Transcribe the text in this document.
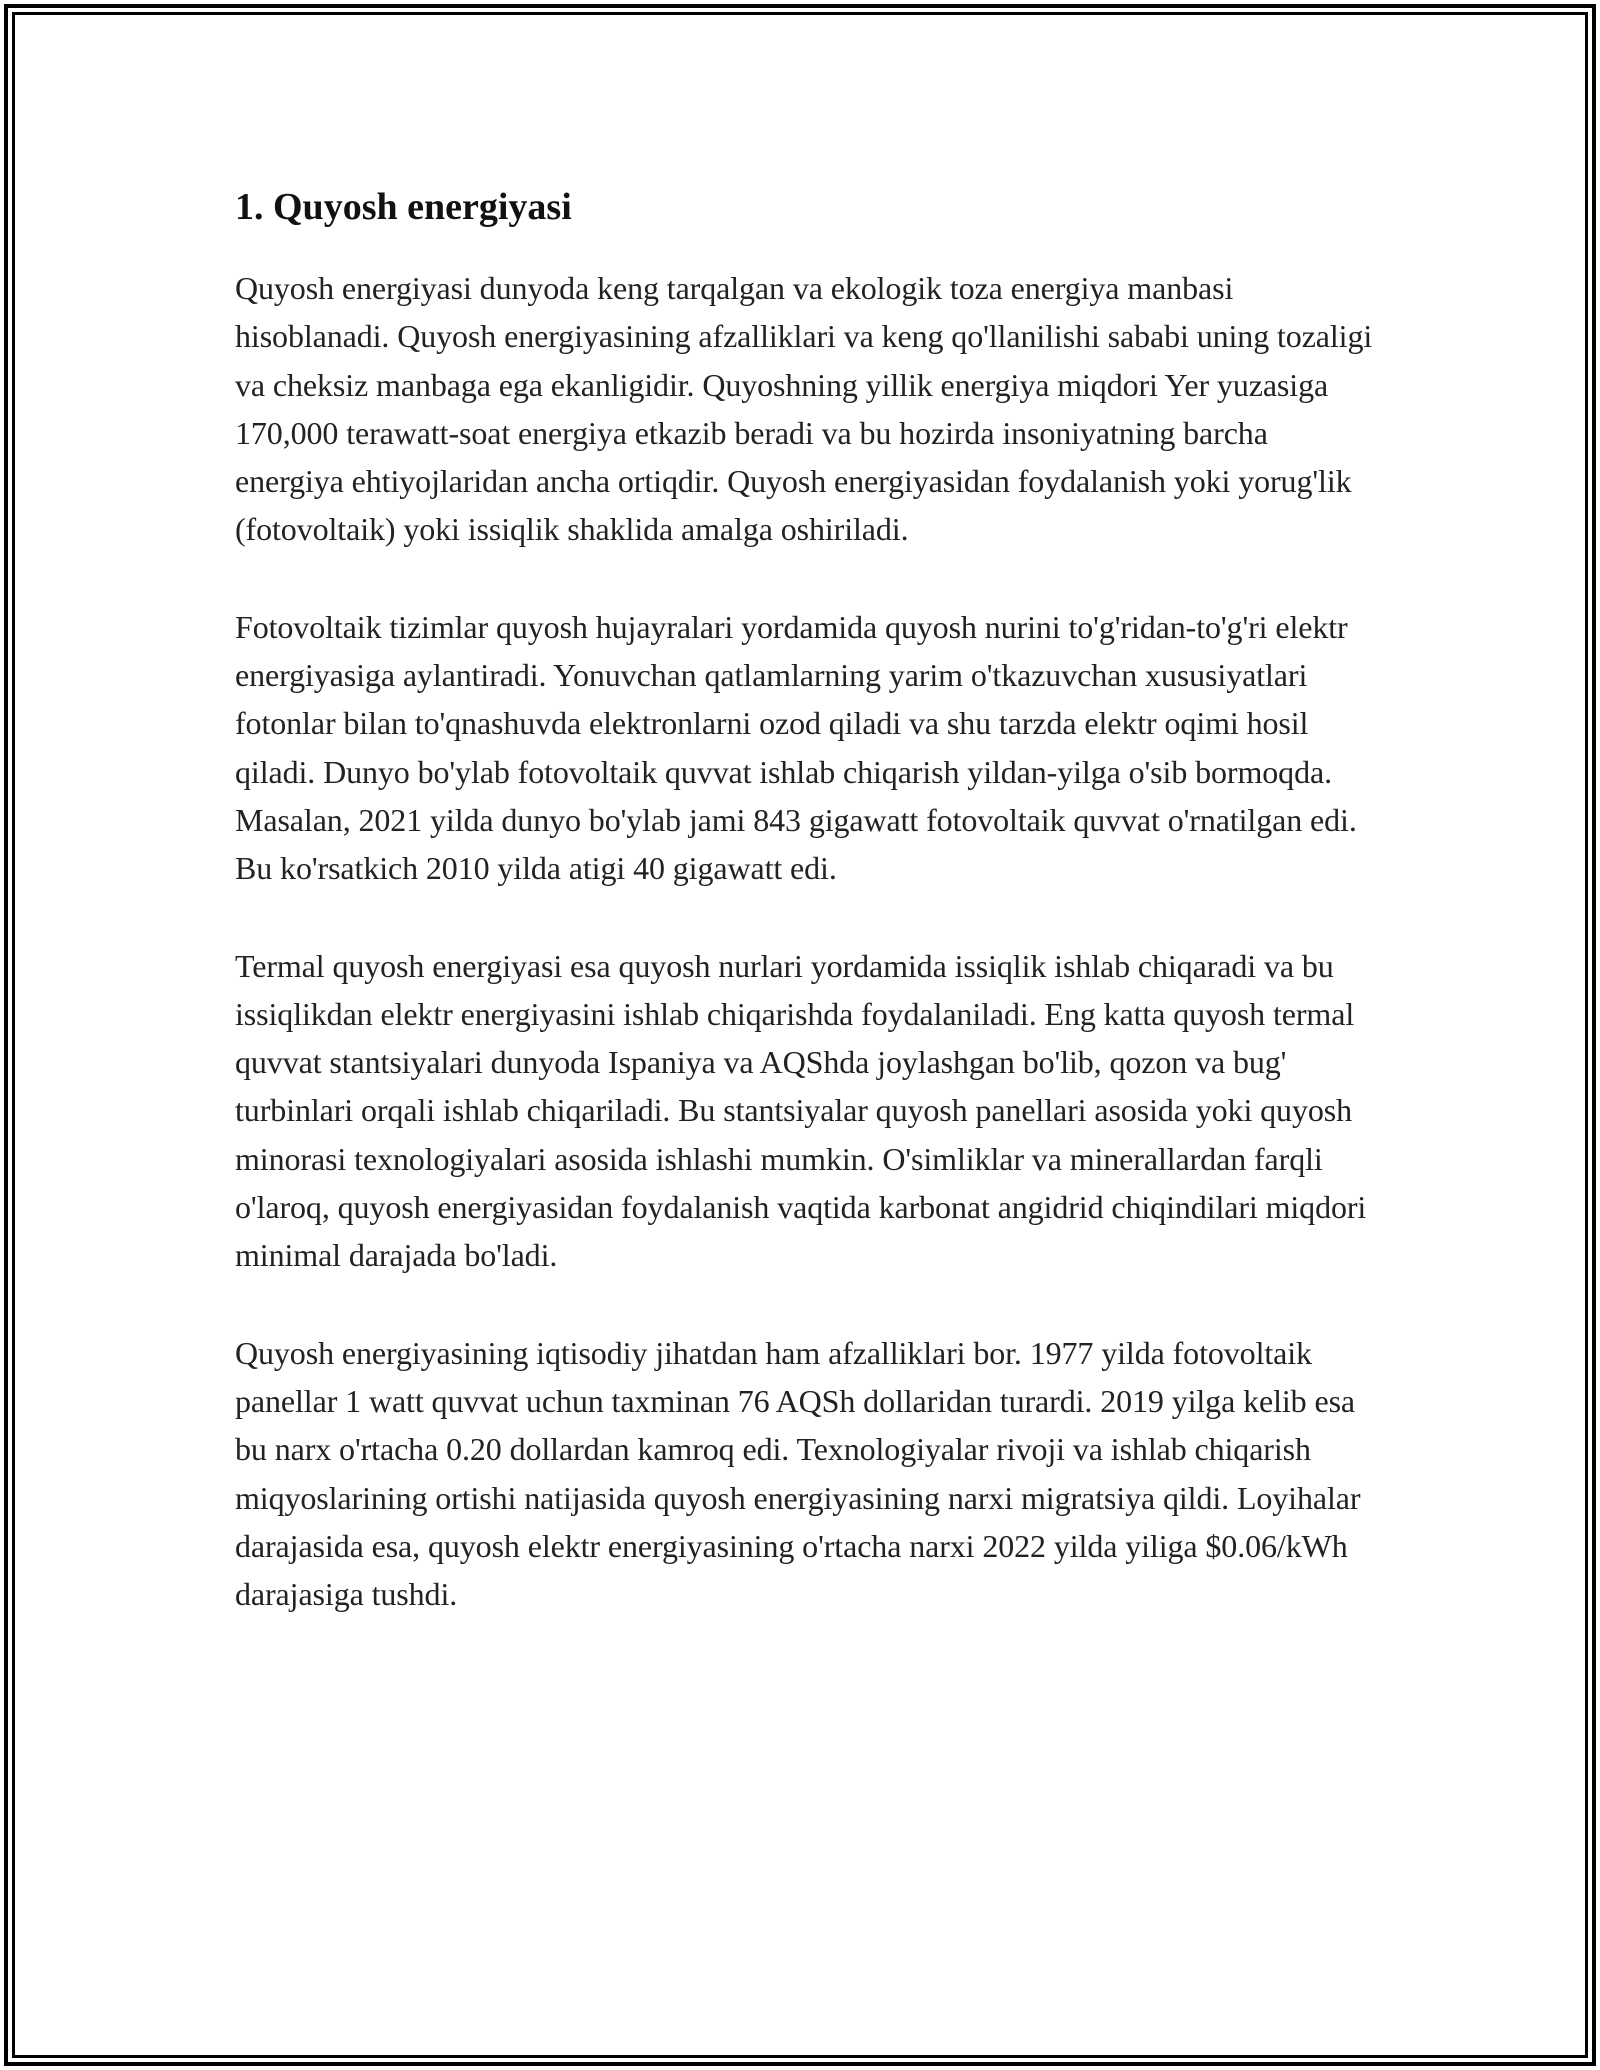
1. Quyosh energiyasi

Quyosh energiyasi dunyoda keng tarqalgan va ekologik toza energiya manbasi hisoblanadi. Quyosh energiyasining afzalliklari va keng qo'llanilishi sababi uning tozaligi va cheksiz manbaga ega ekanligidir. Quyoshning yillik energiya miqdori Yer yuzasiga 170,000 terawatt-soat energiya etkazib beradi va bu hozirda insoniyatning barcha energiya ehtiyojlaridan ancha ortiqdir. Quyosh energiyasidan foydalanish yoki yorug'lik (fotovoltaik) yoki issiqlik shaklida amalga oshiriladi.

Fotovoltaik tizimlar quyosh hujayralari yordamida quyosh nurini to'g'ridan-to'g'ri elektr energiyasiga aylantiradi. Yonuvchan qatlamlarning yarim o'tkazuvchan xususiyatlari fotonlar bilan to'qnashuvda elektronlarni ozod qiladi va shu tarzda elektr oqimi hosil qiladi. Dunyo bo'ylab fotovoltaik quvvat ishlab chiqarish yildan-yilga o'sib bormoqda. Masalan, 2021 yilda dunyo bo'ylab jami 843 gigawatt fotovoltaik quvvat o'rnatilgan edi. Bu ko'rsatkich 2010 yilda atigi 40 gigawatt edi.

Termal quyosh energiyasi esa quyosh nurlari yordamida issiqlik ishlab chiqaradi va bu issiqlikdan elektr energiyasini ishlab chiqarishda foydalaniladi. Eng katta quyosh termal quvvat stantsiyalari dunyoda Ispaniya va AQShda joylashgan bo'lib, qozon va bug' turbinlari orqali ishlab chiqariladi. Bu stantsiyalar quyosh panellari asosida yoki quyosh minorasi texnologiyalari asosida ishlashi mumkin. O'simliklar va minerallardan farqli o'laroq, quyosh energiyasidan foydalanish vaqtida karbonat angidrid chiqindilari miqdori minimal darajada bo'ladi.

Quyosh energiyasining iqtisodiy jihatdan ham afzalliklari bor. 1977 yilda fotovoltaik panellar 1 watt quvvat uchun taxminan 76 AQSh dollaridan turardi. 2019 yilga kelib esa bu narx o'rtacha 0.20 dollardan kamroq edi. Texnologiyalar rivoji va ishlab chiqarish miqyoslarining ortishi natijasida quyosh energiyasining narxi migratsiya qildi. Loyihalar darajasida esa, quyosh elektr energiyasining o'rtacha narxi 2022 yilda yiliga $0.06/kWh darajasiga tushdi.
